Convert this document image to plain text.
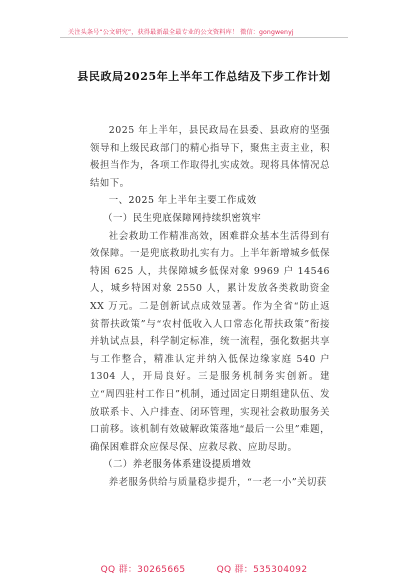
关注头条号“公文研究”，获得最新最全最专业的公文资料库！ 微信：gongwenyj
县民政局2025年上半年工作总结及下步工作计划

2025 年上半年，县民政局在县委、县政府的坚强领导和上级民政部门的精心指导下，聚焦主责主业，积极担当作为，各项工作取得扎实成效。现将具体情况总结如下。

一、2025 年上半年主要工作成效
（一）民生兜底保障网持续织密筑牢

社会救助工作精准高效，困难群众基本生活得到有效保障。一是兜底救助扎实有力。上半年新增城乡低保特困 625 人，共保障城乡低保对象 9969 户 14546 人，城乡特困对象 2550 人，累计发放各类救助资金 XX 万元。二是创新试点成效显著。作为全省“防止返贫帮扶政策”与“农村低收入人口常态化帮扶政策”衔接并轨试点县，科学制定标准，统一流程，强化数据共享与工作整合，精准认定并纳入低保边缘家庭 540 户 1304 人，开局良好。三是服务机制务实创新。建立“周四驻村工作日”机制，通过固定日期组建队伍、发放联系卡、入户排查、闭环管理，实现社会救助服务关口前移。该机制有效破解政策落地“最后一公里”难题，确保困难群众应保尽保、应救尽救、应助尽助。

（二）养老服务体系建设提质增效

养老服务供给与质量稳步提升，“一老一小”关切获

QQ 群：30265665	QQ 群：535304092
